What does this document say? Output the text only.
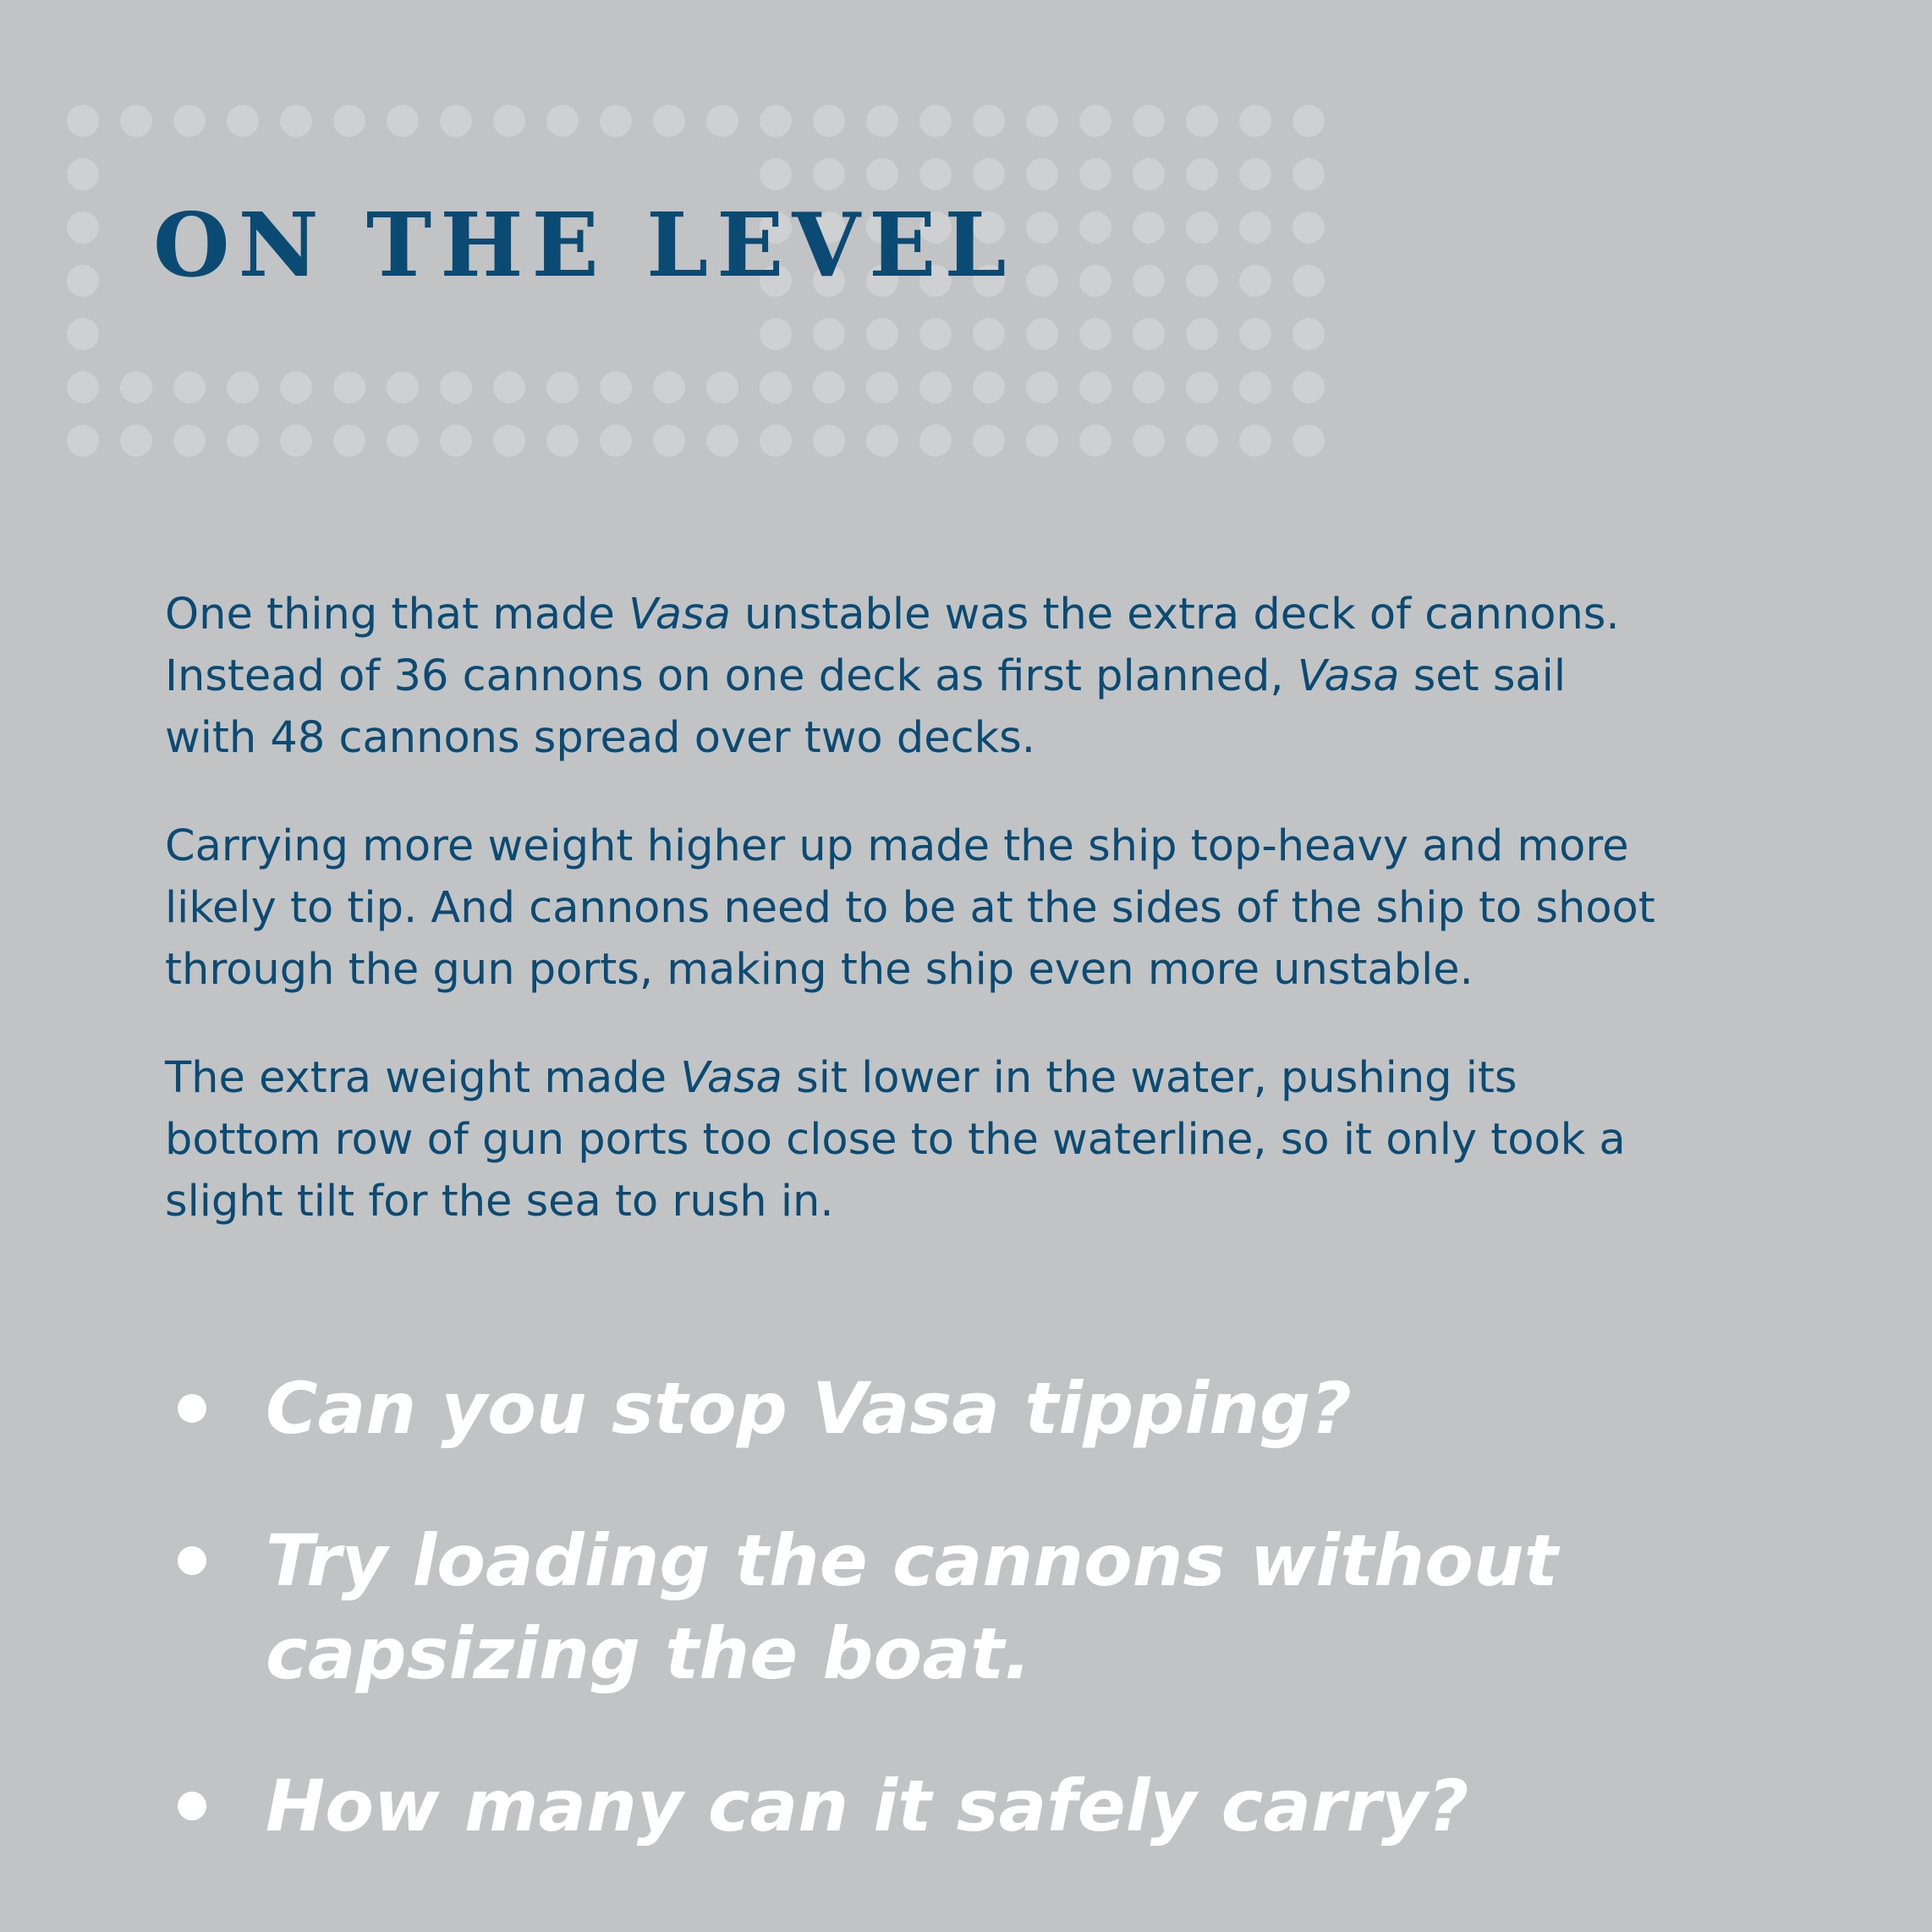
ON THE LEVEL

One thing that made Vasa unstable was the extra deck of cannons. Instead of 36 cannons on one deck as first planned, Vasa set sail with 48 cannons spread over two decks.

Carrying more weight higher up made the ship top-heavy and more likely to tip. And cannons need to be at the sides of the ship to shoot through the gun ports, making the ship even more unstable.

The extra weight made Vasa sit lower in the water, pushing its bottom row of gun ports too close to the waterline, so it only took a slight tilt for the sea to rush in.

Can you stop Vasa tipping?
Try loading the cannons without capsizing the boat.
How many can it safely carry?
